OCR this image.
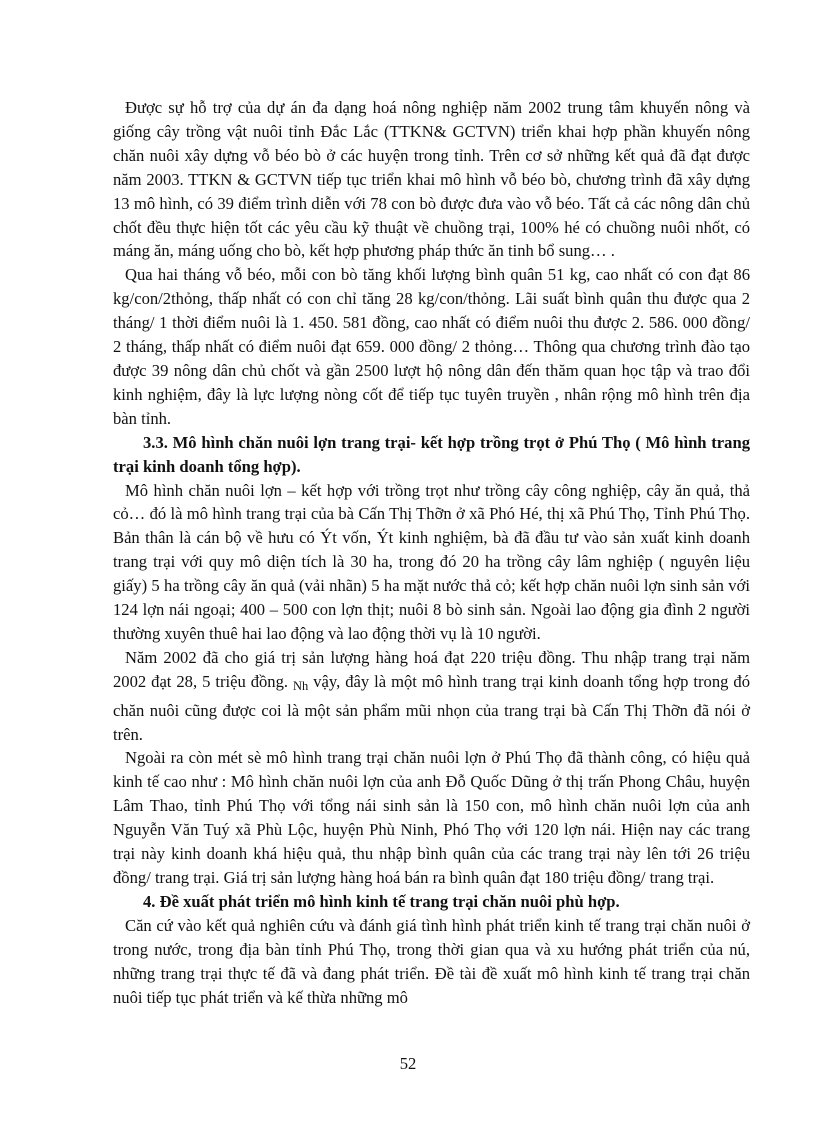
Được sự hỗ trợ của dự án đa dạng hoá nông nghiệp năm 2002 trung tâm khuyến nông và giống cây trồng vật nuôi tỉnh Đắc Lắc (TTKN& GCTVN) triển khai hợp phần khuyến nông chăn nuôi xây dựng vỗ béo bò ở các huyện trong tỉnh. Trên cơ sở những kết quả đã đạt được năm 2003. TTKN & GCTVN tiếp tục triển khai mô hình vỗ béo bò, chương trình đã xây dựng 13 mô hình, có 39 điểm trình diễn với 78 con bò được đưa vào vỗ béo. Tất cả các nông dân chủ chốt đều thực hiện tốt các yêu cầu kỹ thuật về chuồng trại, 100% hé có chuồng nuôi nhốt, có máng ăn, máng uống cho bò, kết hợp phương pháp thức ăn tinh bổ sung… .

Qua hai tháng vỗ béo, mỗi con bò tăng khối lượng bình quân 51 kg, cao nhất có con đạt 86 kg/con/2thỏng, thấp nhất có con chỉ tăng 28 kg/con/thỏng. Lãi suất bình quân thu được qua 2 tháng/ 1 thời điểm nuôi là 1. 450. 581 đồng, cao nhất có điểm nuôi thu được 2. 586. 000 đồng/ 2 tháng, thấp nhất có điểm nuôi đạt 659. 000 đồng/ 2 thỏng… Thông qua chương trình đào tạo được 39 nông dân chủ chốt và gần 2500 lượt hộ nông dân đến thăm quan học tập và trao đổi kinh nghiệm, đây là lực lượng nòng cốt để tiếp tục tuyên truyền , nhân rộng mô hình trên địa bàn tỉnh.

3.3. Mô hình chăn nuôi lợn trang trại- kết hợp trồng trọt ở Phú Thọ ( Mô hình trang trại kinh doanh tổng hợp).

Mô hình chăn nuôi lợn – kết hợp với trồng trọt như trồng cây công nghiệp, cây ăn quả, thả cỏ… đó là mô hình trang trại của bà Cấn Thị Thỡn ở xã Phó Hé, thị xã Phú Thọ, Tỉnh Phú Thọ. Bản thân là cán bộ về hưu có Ýt vốn, Ýt kinh nghiệm, bà đã đầu tư vào sản xuất kinh doanh trang trại với quy mô diện tích là 30 ha, trong đó 20 ha trồng cây lâm nghiệp ( nguyên liệu giấy) 5 ha trồng cây ăn quả (vải nhãn) 5 ha mặt nước thả cỏ; kết hợp chăn nuôi lợn sinh sản với 124 lợn nái ngoại; 400 – 500 con lợn thịt; nuôi 8 bò sinh sản. Ngoài lao động gia đình 2 người thường xuyên thuê hai lao động và lao động thời vụ là 10 người.

Năm 2002 đã cho giá trị sản lượng hàng hoá đạt 220 triệu đồng. Thu nhập trang trại năm 2002 đạt 28, 5 triệu đồng. Nh vậy, đây là một mô hình trang trại kinh doanh tổng hợp trong đó chăn nuôi cũng được coi là một sản phẩm mũi nhọn của trang trại bà Cấn Thị Thỡn đã nói ở trên.

Ngoài ra còn mét sè mô hình trang trại chăn nuôi lợn ở Phú Thọ đã thành công, có hiệu quả kinh tế cao như : Mô hình chăn nuôi lợn của anh Đỗ Quốc Dũng ở thị trấn Phong Châu, huyện Lâm Thao, tỉnh Phú Thọ với tổng nái sinh sản là 150 con, mô hình chăn nuôi lợn của anh Nguyễn Văn Tuý xã Phù Lộc, huyện Phù Ninh, Phó Thọ với 120 lợn nái. Hiện nay các trang trại này kinh doanh khá hiệu quả, thu nhập bình quân của các trang trại này lên tới 26 triệu đồng/ trang trại. Giá trị sản lượng hàng hoá bán ra bình quân đạt 180 triệu đồng/ trang trại.

4. Đề xuất phát triển mô hình kinh tế trang trại chăn nuôi phù hợp.

Căn cứ vào kết quả nghiên cứu và đánh giá tình hình phát triển kinh tế trang trại chăn nuôi ở trong nước, trong địa bàn tỉnh Phú Thọ, trong thời gian qua và xu hướng phát triển của nú, những trang trại thực tế đã và đang phát triển. Đề tài đề xuất mô hình kinh tế trang trại chăn nuôi tiếp tục phát triển và kế thừa những mô

52
